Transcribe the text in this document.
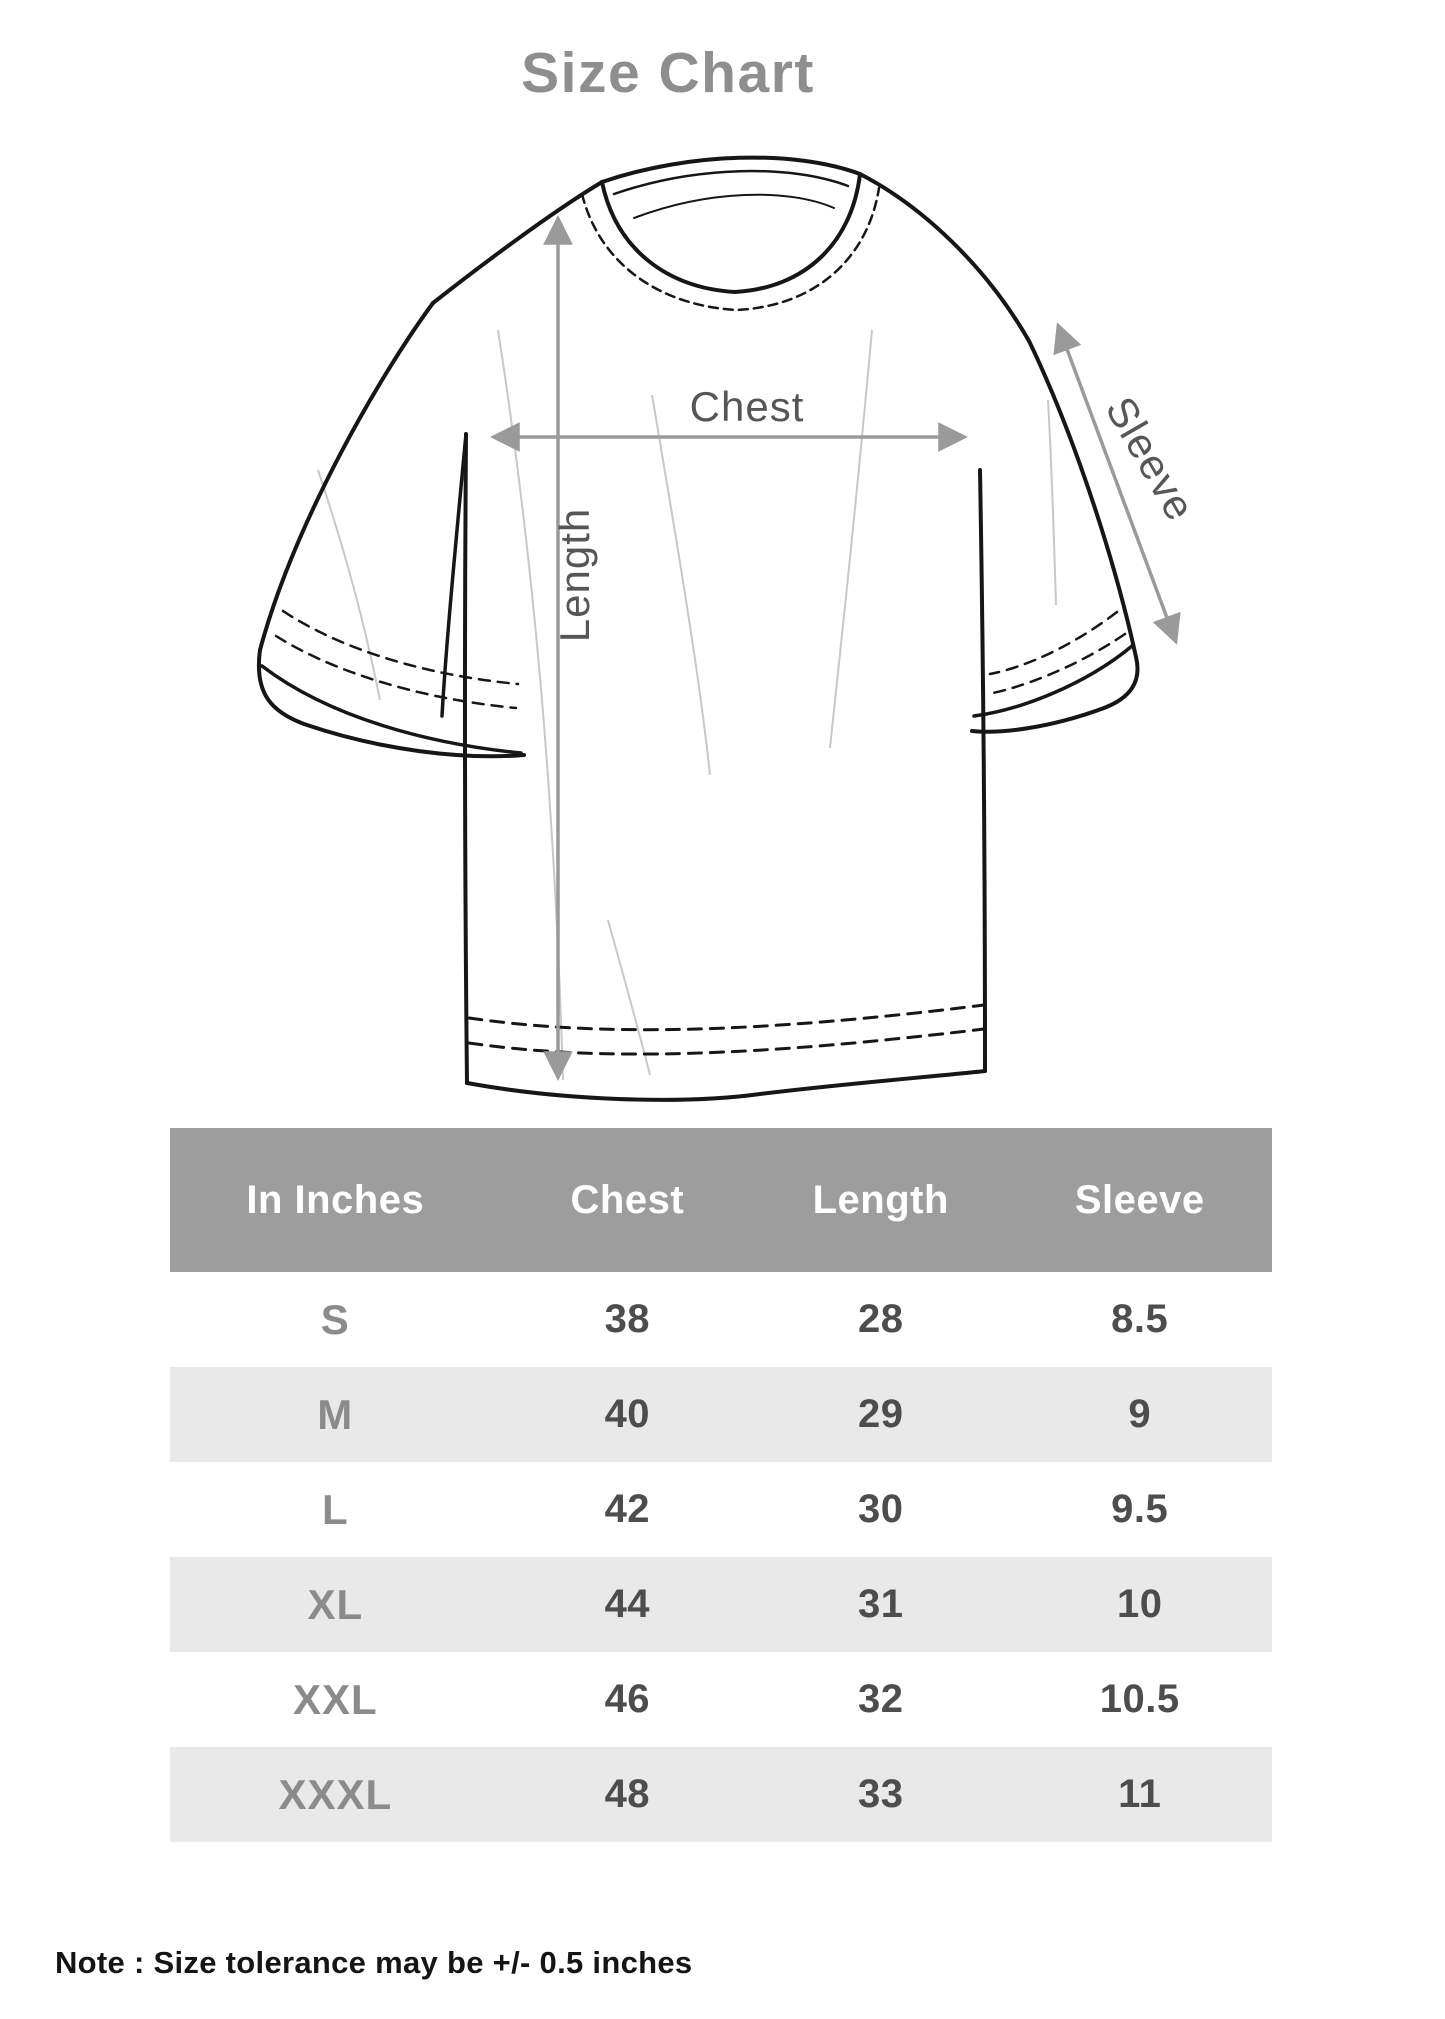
Size Chart
Chest
Length
Sleeve
In Inches	Chest	Length	Sleeve
S	38	28	8.5
M	40	29	9
L	42	30	9.5
XL	44	31	10
XXL	46	32	10.5
XXXL	48	33	11
Note : Size tolerance may be +/- 0.5 inches
